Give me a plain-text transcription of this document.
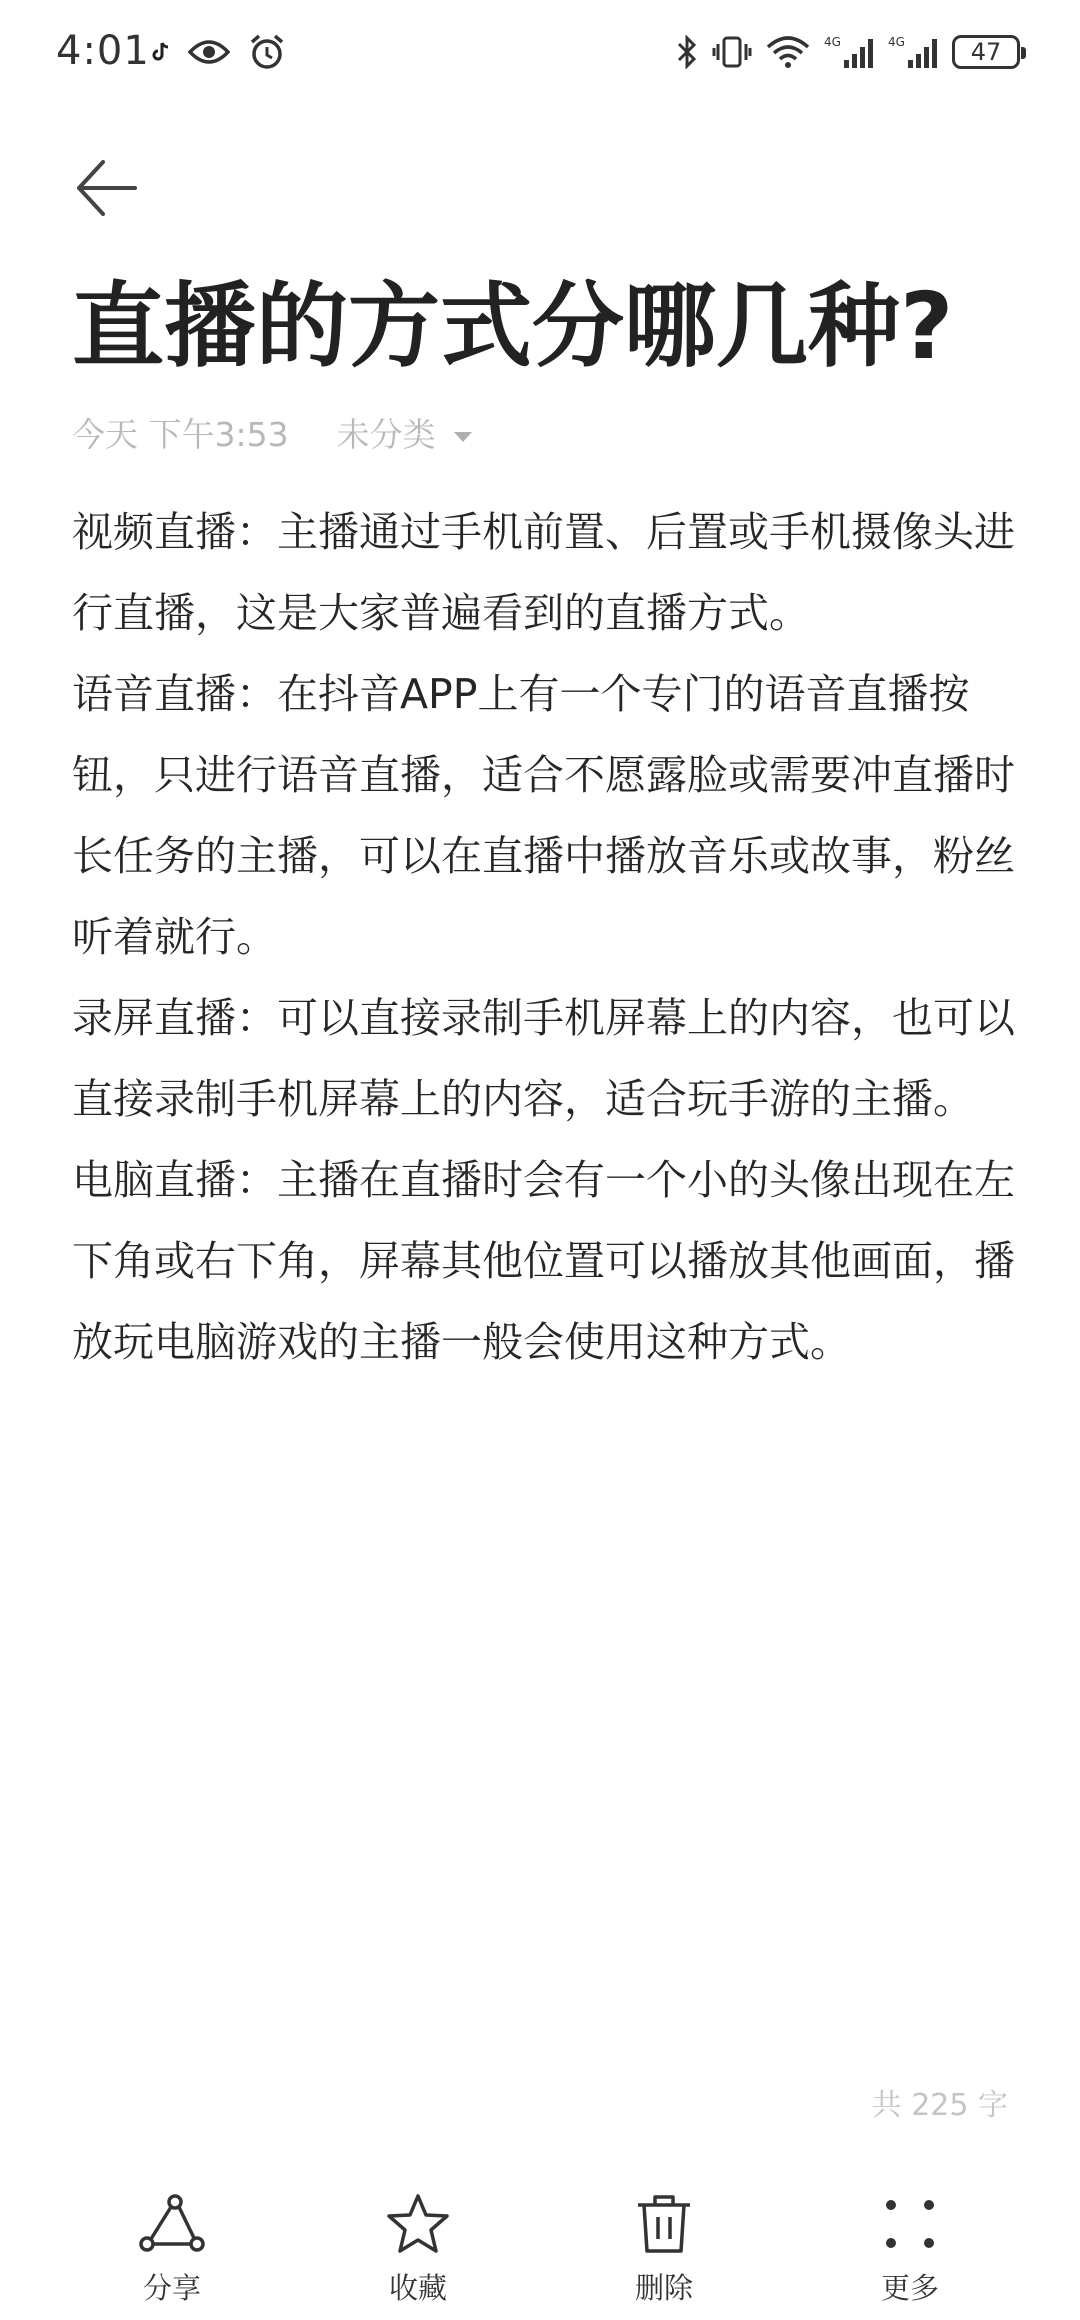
4:01	4G	4G	47
直播的方式分哪几种?
今天 下午3:53 未分类

视频直播：主播通过手机前置、后置或手机摄像头进行直播，这是大家普遍看到的直播方式。

语音直播：在抖音APP上有一个专门的语音直播按钮，只进行语音直播，适合不愿露脸或需要冲直播时长任务的主播，可以在直播中播放音乐或故事，粉丝听着就行。

录屏直播：可以直接录制手机屏幕上的内容，也可以直接录制手机屏幕上的内容，适合玩手游的主播。

电脑直播：主播在直播时会有一个小的头像出现在左下角或右下角，屏幕其他位置可以播放其他画面，播放玩电脑游戏的主播一般会使用这种方式。

共 225 字
分享	收藏	删除	更多
